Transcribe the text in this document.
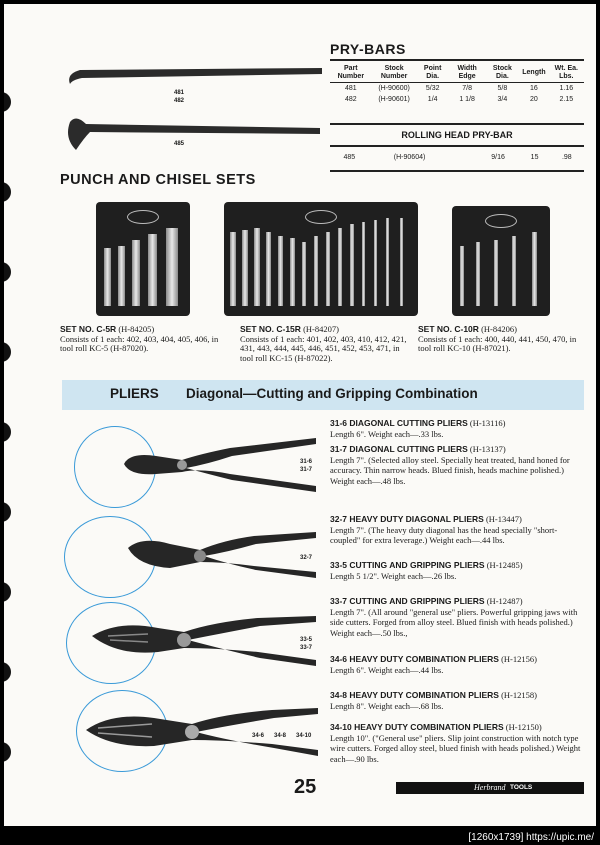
481
482
485
PRY-BARS
Part Number	Stock Number	Point Dia.	Width Edge	Stock Dia.	Length	Wt. Ea. Lbs.
481	(H-90600)	5/32	7/8	5/8	16	1.16
482	(H-90601)	1/4	1 1/8	3/4	20	2.15
ROLLING HEAD PRY-BAR
485	(H-90604)			9/16	15	.98
PUNCH AND CHISEL SETS
SET NO. C-5R (H-84205)
Consists of 1 each: 402, 403, 404, 405, 406, in tool roll KC-5 (H-87020).
SET NO. C-15R (H-84207)
Consists of 1 each: 401, 402, 403, 410, 412, 421, 431, 443, 444, 445, 446, 451, 452, 453, 471, in tool roll KC-15 (H-87022).
SET NO. C-10R (H-84206)
Consists of 1 each: 400, 440, 441, 450, 470, in tool roll KC-10 (H-87021).
PLIERS Diagonal—Cutting and Gripping Combination
31-6
31-7
32-7
33-5
33-7
34-6 34-8 34-10
31-6 DIAGONAL CUTTING PLIERS (H-13116)
Length 6". Weight each—.33 lbs.
31-7 DIAGONAL CUTTING PLIERS (H-13137)
Length 7". (Selected alloy steel. Specially heat treated, hand honed for accuracy. Thin narrow heads. Blued finish, heads machine polished.) Weight each—.48 lbs.
32-7 HEAVY DUTY DIAGONAL PLIERS (H-13447)
Length 7". (The heavy duty diagonal has the head specially "short-coupled" for extra leverage.) Weight each—.44 lbs.
33-5 CUTTING AND GRIPPING PLIERS (H-12485)
Length 5 1/2". Weight each—.26 lbs.
33-7 CUTTING AND GRIPPING PLIERS (H-12487)
Length 7". (All around "general use" pliers. Powerful gripping jaws with side cutters. Forged from alloy steel. Blued finish with heads polished.) Weight each—.50 lbs.,
34-6 HEAVY DUTY COMBINATION PLIERS (H-12156)
Length 6". Weight each—.44 lbs.
34-8 HEAVY DUTY COMBINATION PLIERS (H-12158)
Length 8". Weight each—.68 lbs.
34-10 HEAVY DUTY COMBINATION PLIERS (H-12150)
Length 10". ("General use" pliers. Slip joint construction with notch type wire cutters. Forged alloy steel, blued finish with heads polished.) Weight each—.90 lbs.
25	Herbrand TOOLS
[1260x1739] https://upic.me/
